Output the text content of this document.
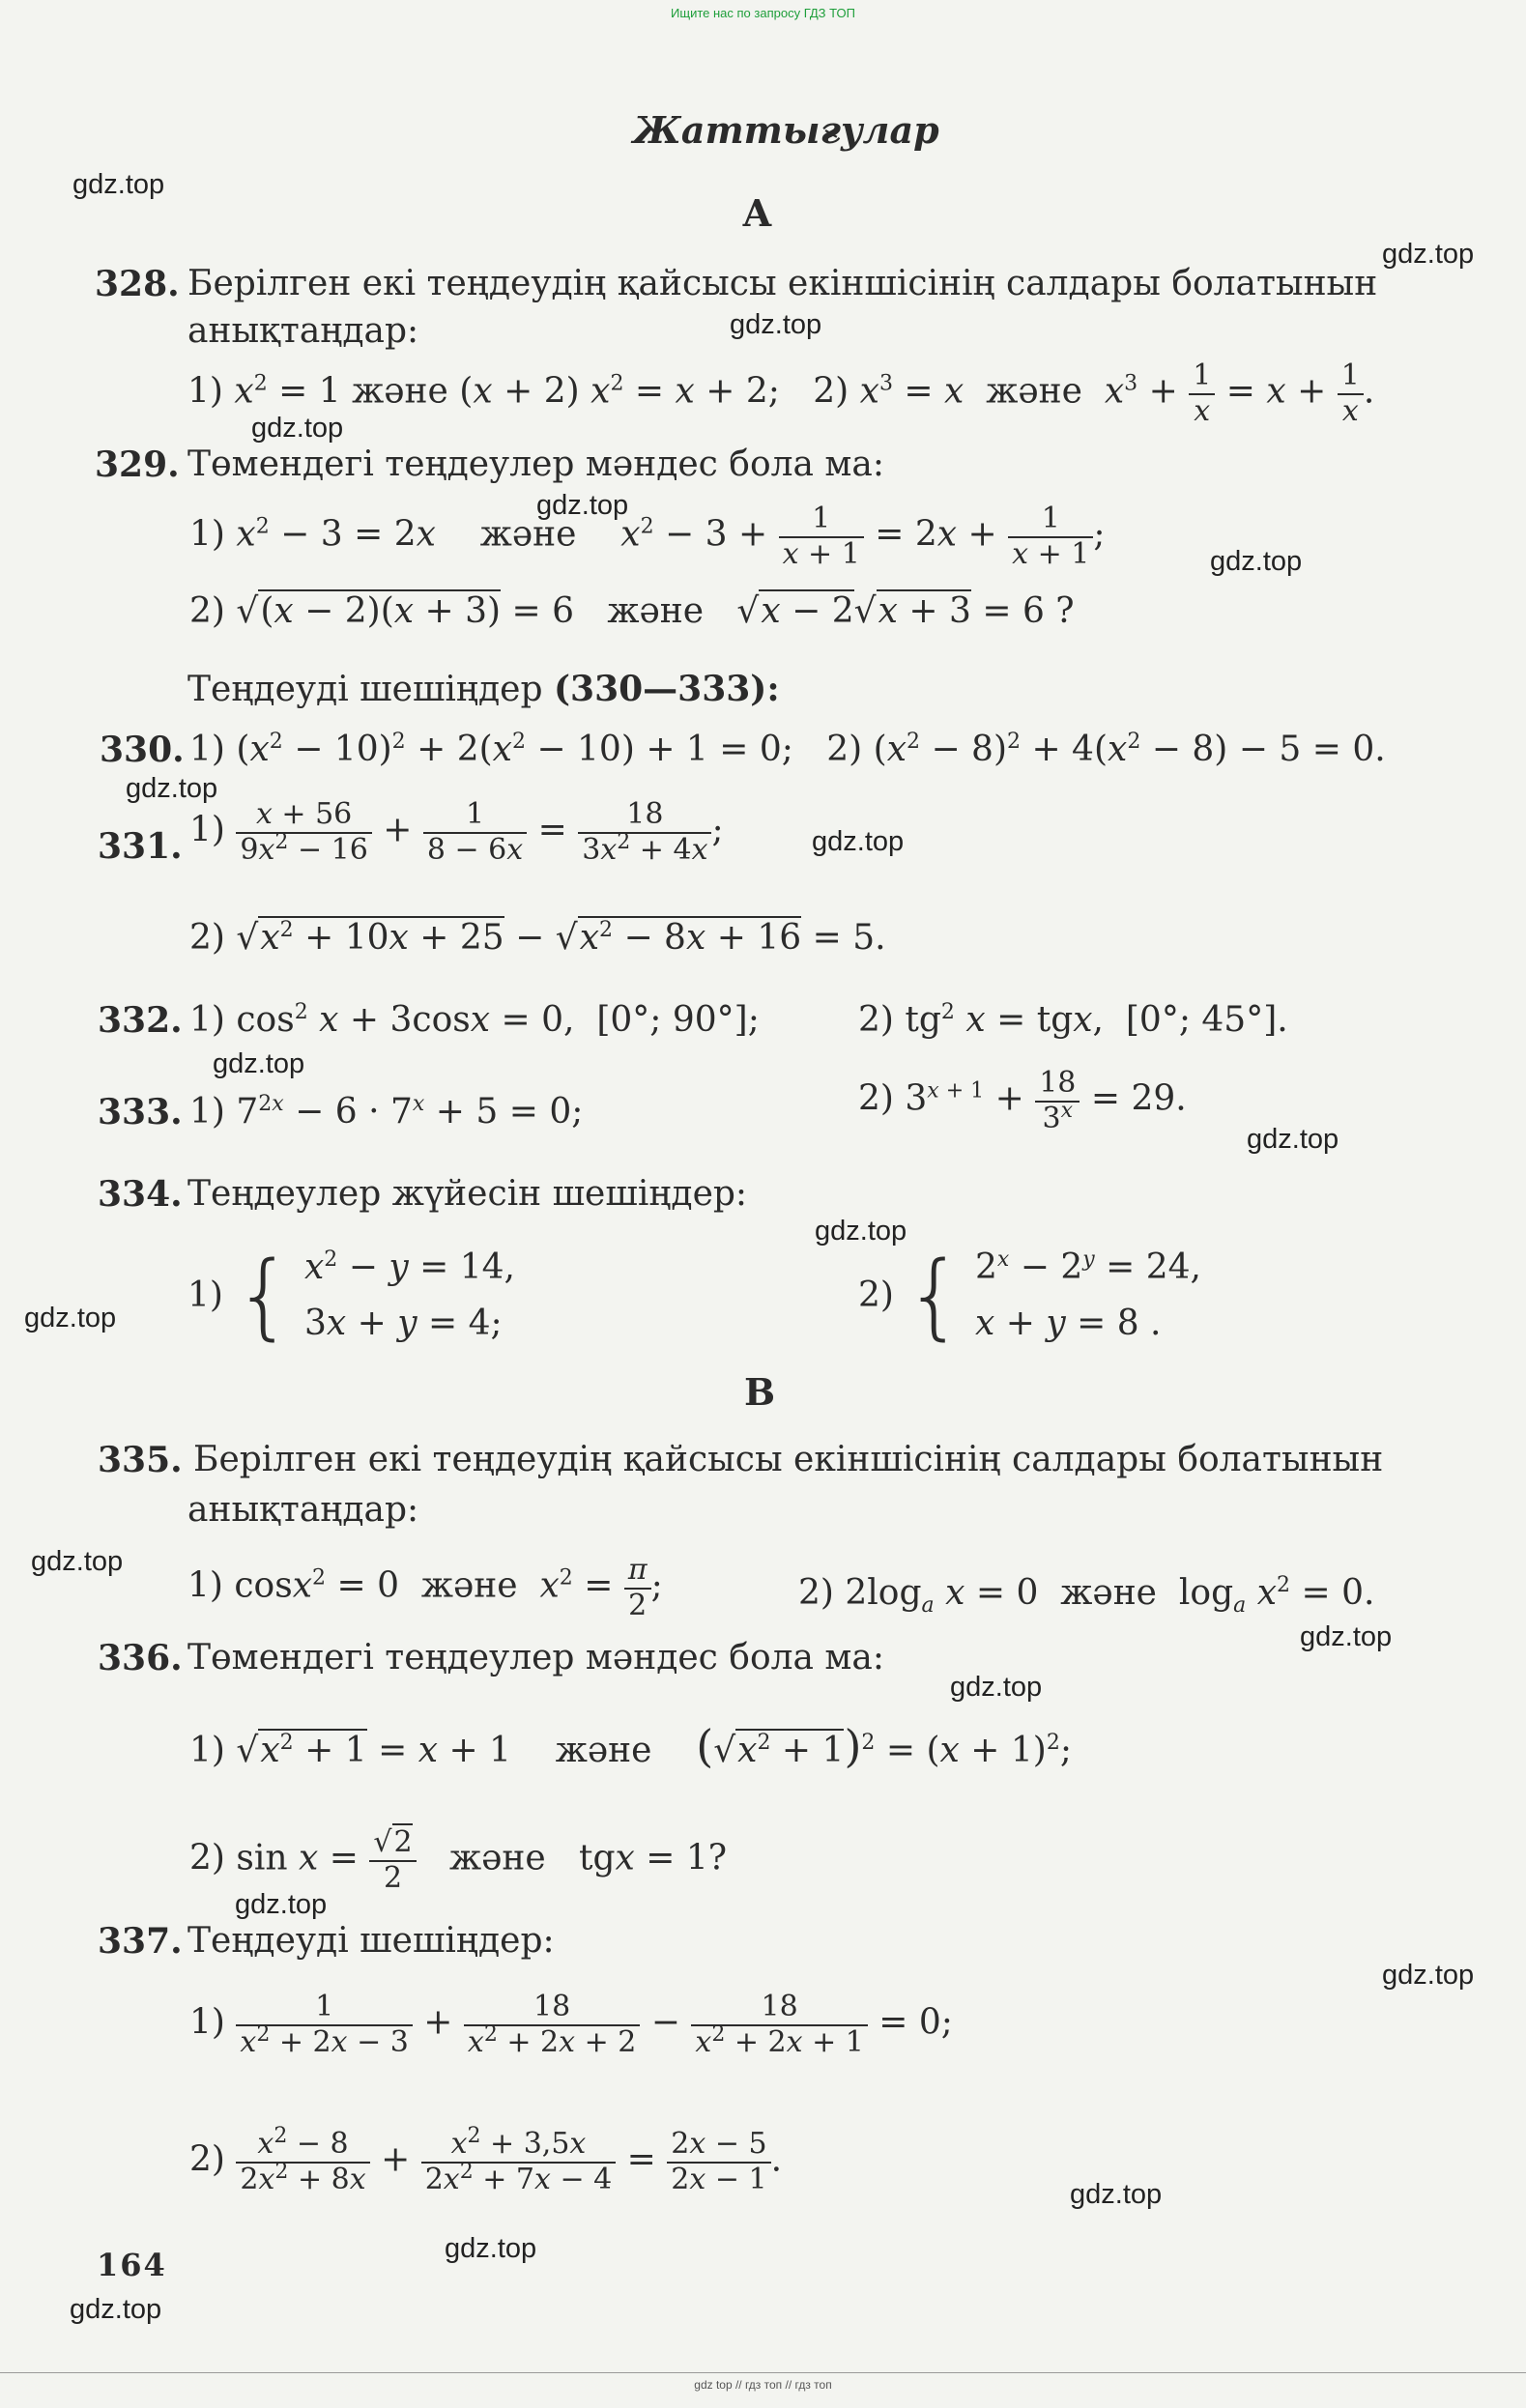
Ищите нас по запросу ГДЗ ТОП
Жаттығулар
А
328. Берілген екі теңдеудің қайсысы екіншісінің салдары болатынын
анықтаңдар:
1) $x^2 = 1$ және (x + 2) $x^2 = x + 2$;   2) $x^3 = x$ және $x^3 + \frac{1}{x} = x + \frac{1}{x}$ .
329. Төмендегі теңдеулер мәндес бола ма:
1) $x^2 - 3 = 2x$ және $x^2 - 3 + \frac{1}{x + 1} = 2x + \frac{1}{x + 1}$ ;
2) √(x − 2)(x + 3) = 6   және   √x − 2√x + 3 = 6 ?
Теңдеуді шешіңдер (330—333):
330. 1) $(x^2 - 10)^2 + 2(x^2 - 10) + 1 = 0$;   2) $(x^2 - 8)^2 + 4(x^2 - 8) - 5 = 0$.
331. $1) \frac{x + 56}{9x^2 - 16} + \frac{1}{8 - 6x} = \frac{18}{3x^2 + 4x}$ ;
2) $√x^2 + 10x + 25 - √x^2 - 8x + 16 = 5$.
332. 1) $\cos^2 x + 3\cos x = 0$,  [0°; 90°];	2) $tg^2$ x = tgx,  [0°; 45°].
333. 1) $7^{2x} - 6 \cdot 7^x + 5 = 0$;	2) $3^{x + 1} + \frac{18}{3^x} = 29$.
334. Теңдеулер жүйесін шешіңдер:
1) { $x^2 - y = 14$,
3x + y = 4;
2) { $2^x - 2^y = 24$,
x + y = 8 .
B
335. Берілген екі теңдеудің қайсысы екіншісінің салдары болатынын
анықтаңдар:
1) cosx$^2$ = 0  және $x^2 = \frac{\pi}{2}$ ;	2) $2\log_a$ x = 0  және  $\log_a x^2 = 0$.
336. Төмендегі теңдеулер мәндес бола ма:
1) $√x^2 + 1 = x + 1$    және $(√x^2 + 1)^2 = (x + 1)^2$;
2) $\sin x = \frac{√2}{2}$ және   tgx = 1?
337. Теңдеуді шешіңдер:
$1) \frac{1}{x^2 + 2x - 3} + \frac{18}{x^2 + 2x + 2} - \frac{18}{x^2 + 2x + 1} = 0$;
$2) \frac{x^2 - 8}{2x^2 + 8x} + \frac{x^2 + 3,5x}{2x^2 + 7x - 4} = \frac{2x - 5}{2x - 1}$ .
164
gdz.top
gdz.top
gdz.top
gdz.top
gdz.top
gdz.top
gdz.top
gdz.top
gdz.top
gdz.top
gdz.top
gdz.top
gdz.top
gdz.top
gdz.top
gdz.top
gdz.top
gdz.top
gdz.top
gdz.top
gdz top // гдз топ // гдз топ
